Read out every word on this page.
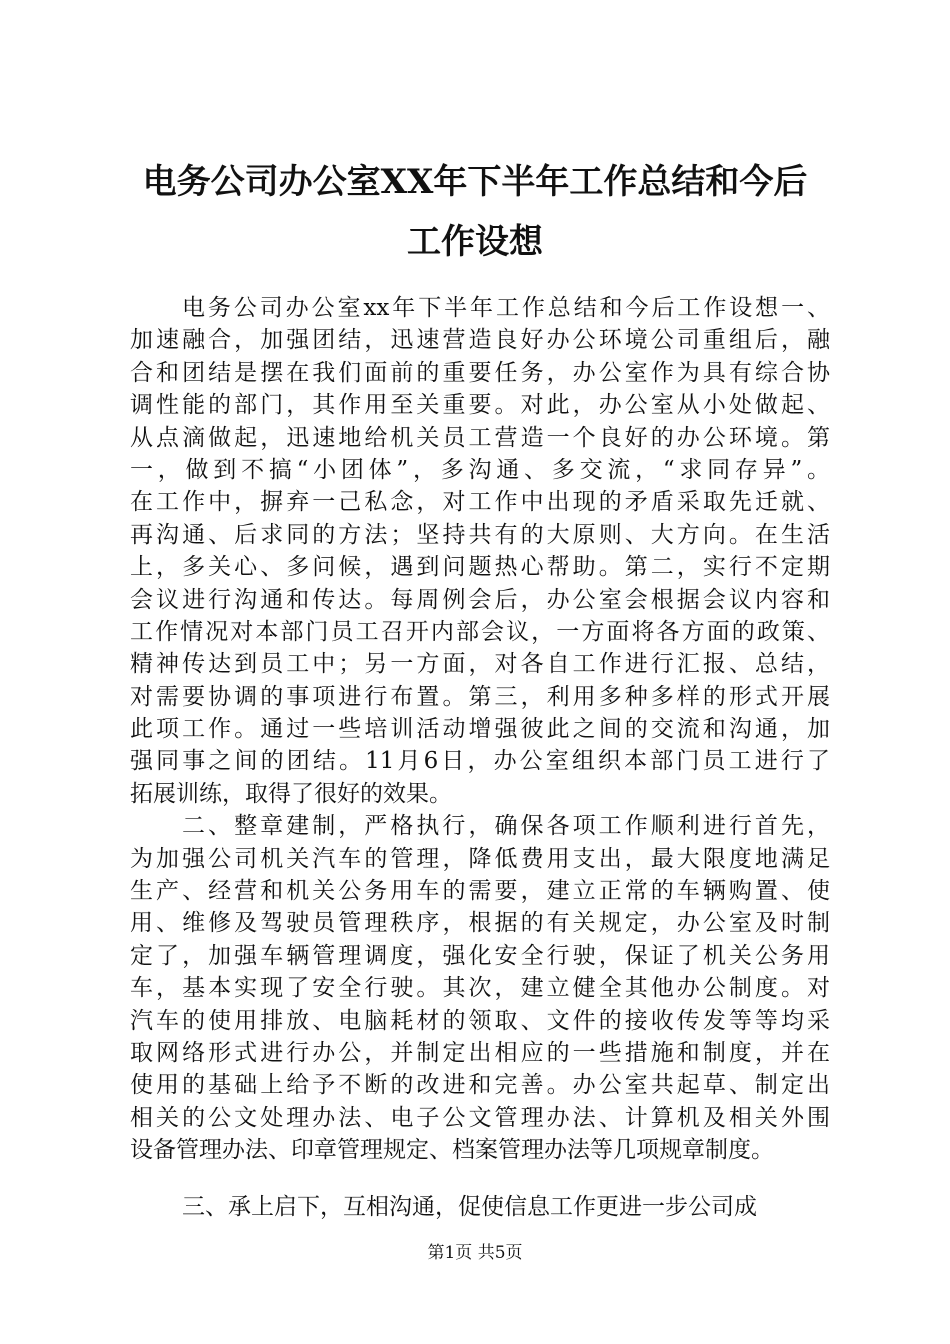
电务公司办公室XX年下半年工作总结和今后
工作设想
电务公司办公室xx年下半年工作总结和今后工作设想一、
加速融合，加强团结，迅速营造良好办公环境公司重组后，融
合和团结是摆在我们面前的重要任务，办公室作为具有综合协
调性能的部门，其作用至关重要。对此，办公室从小处做起、
从点滴做起，迅速地给机关员工营造一个良好的办公环境。第
一，做到不搞“小团体”，多沟通、多交流，“求同存异”。
在工作中，摒弃一己私念，对工作中出现的矛盾采取先迁就、
再沟通、后求同的方法；坚持共有的大原则、大方向。在生活
上，多关心、多问候，遇到问题热心帮助。第二，实行不定期
会议进行沟通和传达。每周例会后，办公室会根据会议内容和
工作情况对本部门员工召开内部会议，一方面将各方面的政策、
精神传达到员工中；另一方面，对各自工作进行汇报、总结，
对需要协调的事项进行布置。第三，利用多种多样的形式开展
此项工作。通过一些培训活动增强彼此之间的交流和沟通，加
强同事之间的团结。11月6日，办公室组织本部门员工进行了
拓展训练，取得了很好的效果。
二、整章建制，严格执行，确保各项工作顺利进行首先，
为加强公司机关汽车的管理，降低费用支出，最大限度地满足
生产、经营和机关公务用车的需要，建立正常的车辆购置、使
用、维修及驾驶员管理秩序，根据的有关规定，办公室及时制
定了，加强车辆管理调度，强化安全行驶，保证了机关公务用
车，基本实现了安全行驶。其次，建立健全其他办公制度。对
汽车的使用排放、电脑耗材的领取、文件的接收传发等等均采
取网络形式进行办公，并制定出相应的一些措施和制度，并在
使用的基础上给予不断的改进和完善。办公室共起草、制定出
相关的公文处理办法、电子公文管理办法、计算机及相关外围
设备管理办法、印章管理规定、档案管理办法等几项规章制度。
三、承上启下，互相沟通，促使信息工作更进一步公司成
第1页 共5页
